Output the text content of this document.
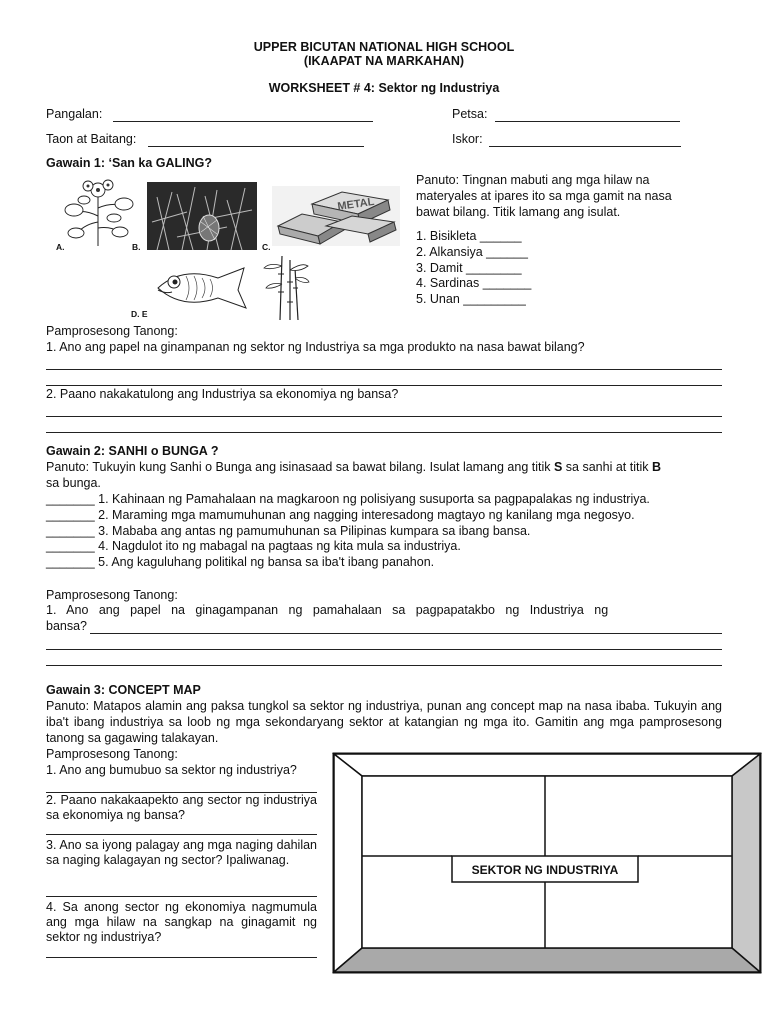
UPPER BICUTAN NATIONAL HIGH SCHOOL
(IKAAPAT NA MARKAHAN)
WORKSHEET # 4: Sektor ng Industriya
Pangalan:	Petsa:
Taon at Baitang:	Iskor:
Gawain 1: ‘San ka GALING?
A.	B.
METAL
C.
D. E
Panuto: Tingnan mabuti ang mga hilaw na materyales at ipares ito sa mga gamit na nasa bawat bilang. Titik lamang ang isulat.
1. Bisikleta ______
2. Alkansiya ______
3. Damit ________
4. Sardinas _______
5. Unan _________
Pamprosesong Tanong:
1. Ano ang papel na ginampanan ng sektor ng Industriya sa mga produkto na nasa bawat bilang?
2. Paano nakakatulong ang Industriya sa ekonomiya ng bansa?
Gawain 2: SANHI o BUNGA ?
Panuto: Tukuyin kung Sanhi o Bunga ang isinasaad sa bawat bilang. Isulat lamang ang titik S sa sanhi at titik B
sa bunga.
_______ 1. Kahinaan ng Pamahalaan na magkaroon ng polisiyang susuporta sa pagpapalakas ng industriya.
_______ 2. Maraming mga mamumuhunan ang nagging interesadong magtayo ng kanilang mga negosyo.
_______ 3. Mababa ang antas ng pamumuhunan sa Pilipinas kumpara sa ibang bansa.
_______ 4. Nagdulot ito ng mabagal na pagtaas ng kita mula sa industriya.
_______ 5. Ang kaguluhang politikal ng bansa sa iba't ibang panahon.
Pamprosesong Tanong:
1.   Ano   ang   papel   na   ginagampanan   ng   pamahalaan   sa   pagpapatakbo   ng   Industriya   ng
bansa?
Gawain 3: CONCEPT MAP
Panuto: Matapos alamin ang paksa tungkol sa sektor ng industriya, punan ang concept map na nasa ibaba. Tukuyin ang iba't ibang industriya sa loob ng mga sekondaryang sektor at katangian ng mga ito. Gamitin ang mga pamprosesong tanong sa gagawing talakayan.
Pamprosesong Tanong:
1. Ano ang bumubuo sa sektor ng industriya?
2. Paano nakakaapekto ang sector ng industriya sa ekonomiya ng bansa?
3. Ano sa iyong palagay ang mga naging dahilan sa naging kalagayan ng sector? Ipaliwanag.
4. Sa anong sector ng ekonomiya nagmumula ang mga hilaw na sangkap na ginagamit ng sektor ng industriya?
SEKTOR NG INDUSTRIYA
